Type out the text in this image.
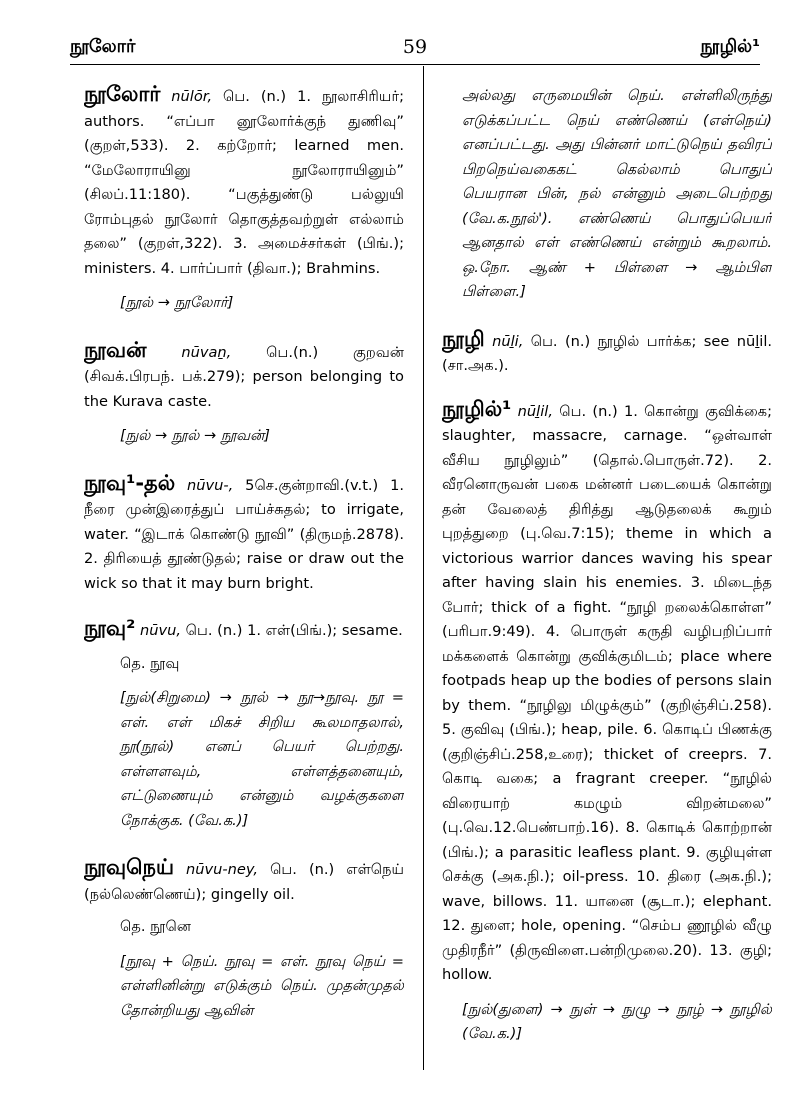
நூலோர்	59	நூழில்¹
நூலோர் nūlōr, பெ. (n.) 1. நூலாசிரியர்; authors. “எப்பா னூலோர்க்குந் துணிவு” (குறள்,533). 2. கற்றோர்; learned men. “மேலோராயினு நூலோராயினும்” (சிலப்.11:180). “பகுத்துண்டு பல்லுயி ரோம்புதல் நூலோர் தொகுத்தவற்றுள் எல்லாம் தலை” (குறள்,322). 3. அமைச்சர்கள் (பிங்.); ministers. 4. பார்ப்பார் (திவா.); Brahmins.
[நூல் → நூலோர்]
நூவன் nūvaṉ, பெ.(n.) குறவன் (சிவக்.பிரபந். பக்.279); person belonging to the Kurava caste.
[நுல் → நூல் → நூவன்]
நூவு¹-தல் nūvu-, 5செ.குன்றாவி.(v.t.) 1. நீரை முன்இரைத்துப் பாய்ச்சுதல்; to irrigate, water. “இடாக் கொண்டு நூவி” (திருமந்.2878). 2. திரியைத் தூண்டுதல்; raise or draw out the wick so that it may burn bright.
நூவு² nūvu, பெ. (n.) 1. எள்(பிங்.); sesame.
தெ. நூவு
[நுல்(சிறுமை) → நூல் → நூ→நூவு. நூ = எள். எள் மிகச் சிறிய கூலமாதலால், நூ(நூல்) எனப் பெயர் பெற்றது. எள்ளளவும், எள்ளத்தனையும், எட்டுணையும் என்னும் வழக்குகளை நோக்குக. (வே.க.)]
நூவுநெய் nūvu-ney, பெ. (n.) எள்நெய் (நல்லெண்ணெய்); gingelly oil.
தெ. நூனெ
[நூவு + நெய். நூவு = எள். நூவு நெய் = எள்ளினின்று எடுக்கும் நெய். முதன்முதல் தோன்றியது ஆவின்
அல்லது எருமையின் நெய். எள்ளிலிருந்து எடுக்கப்பட்ட நெய் எண்ணெய் (எள்நெய்) எனப்பட்டது. அது பின்னர் மாட்டுநெய் தவிரப் பிறநெய்வகைகட் கெல்லாம் பொதுப் பெயரான பின், நல் என்னும் அடைபெற்றது (வே.க.நூல்'). எண்ணெய் பொதுப்பெயர் ஆனதால் எள் எண்ணெய் என்றும் கூறலாம். ஒ.நோ. ஆண் + பிள்ளை → ஆம்பிள பிள்ளை.]
நூழி nūḻi, பெ. (n.) நூழில் பார்க்க; see nūḻil. (சா.அக.).
நூழில்¹ nūḻil, பெ. (n.) 1. கொன்று குவிக்கை; slaughter, massacre, carnage. “ஒள்வாள் வீசிய நூழிலும்” (தொல்.பொருள்.72). 2. வீரனொருவன் பகை மன்னர் படையைக் கொன்று தன் வேலைத் திரித்து ஆடுதலைக் கூறும் புறத்துறை (பு.வெ.7:15); theme in which a victorious warrior dances waving his spear after having slain his enemies. 3. மிடைந்த போர்; thick of a fight. “நூழி றலைக்கொள்ள” (பரிபா.9:49). 4. பொருள் கருதி வழிபறிப்பார் மக்களைக் கொன்று குவிக்குமிடம்; place where footpads heap up the bodies of persons slain by them. “நூழிலு மிழுக்கும்” (குறிஞ்சிப்.258). 5. குவிவு (பிங்.); heap, pile. 6. கொடிப் பிணக்கு (குறிஞ்சிப்.258,உரை); thicket of creeprs. 7. கொடி வகை; a fragrant creeper. “நூழில் விரையாற் கமழும் விறன்மலை” (பு.வெ.12.பெண்பாற்.16). 8. கொடிக் கொற்றான் (பிங்.); a parasitic leafless plant. 9. குழியுள்ள செக்கு (அக.நி.); oil-press. 10. திரை (அக.நி.); wave, billows. 11. யானை (சூடா.); elephant. 12. துளை; hole, opening. “செம்ப ணூழில் வீழு முதிரநீர்” (திருவிளை.பன்றிமுலை.20). 13. குழி; hollow.
[நுல்(துளை) → நுள் → நுழு → நூழ் → நூழில் (வே.க.)]
